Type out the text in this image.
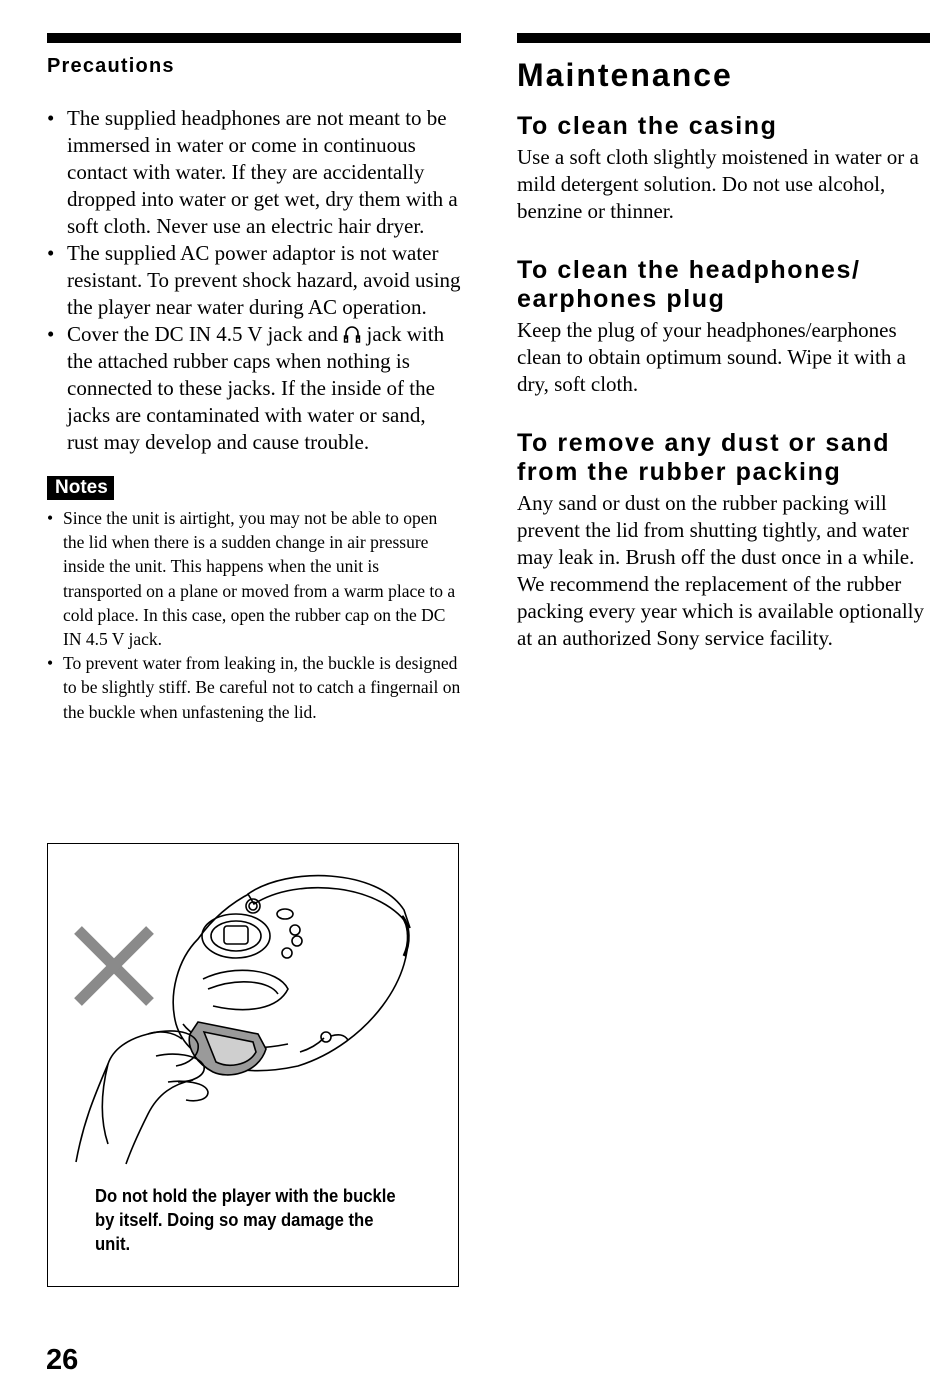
Precautions
• The supplied headphones are not meant to be immersed in water or come in continuous contact with water. If they are accidentally dropped into water or get wet, dry them with a soft cloth. Never use an electric hair dryer.
• The supplied AC power adaptor is not water resistant. To prevent shock hazard, avoid using the player near water during AC operation.
• Cover the DC IN 4.5 V jack and jack with the attached rubber caps when nothing is connected to these jacks. If the inside of the jacks are contaminated with water or sand, rust may develop and cause trouble.
Notes
• Since the unit is airtight, you may not be able to open the lid when there is a sudden change in air pressure inside the unit. This happens when the unit is transported on a plane or moved from a warm place to a cold place. In this case, open the rubber cap on the DC IN 4.5 V jack.
• To prevent water from leaking in, the buckle is designed to be slightly stiff. Be careful not to catch a fingernail on the buckle when unfastening the lid.
Do not hold the player with the buckle by itself. Doing so may damage the unit.
Maintenance
To clean the casing

Use a soft cloth slightly moistened in water or a mild detergent solution. Do not use alcohol, benzine or thinner.

To clean the headphones/ earphones plug

Keep the plug of your headphones/earphones clean to obtain optimum sound. Wipe it with a dry, soft cloth.

To remove any dust or sand from the rubber packing

Any sand or dust on the rubber packing will prevent the lid from shutting tightly, and water may leak in. Brush off the dust once in a while.

We recommend the replacement of the rubber packing every year which is available optionally at an authorized Sony service facility.

26
